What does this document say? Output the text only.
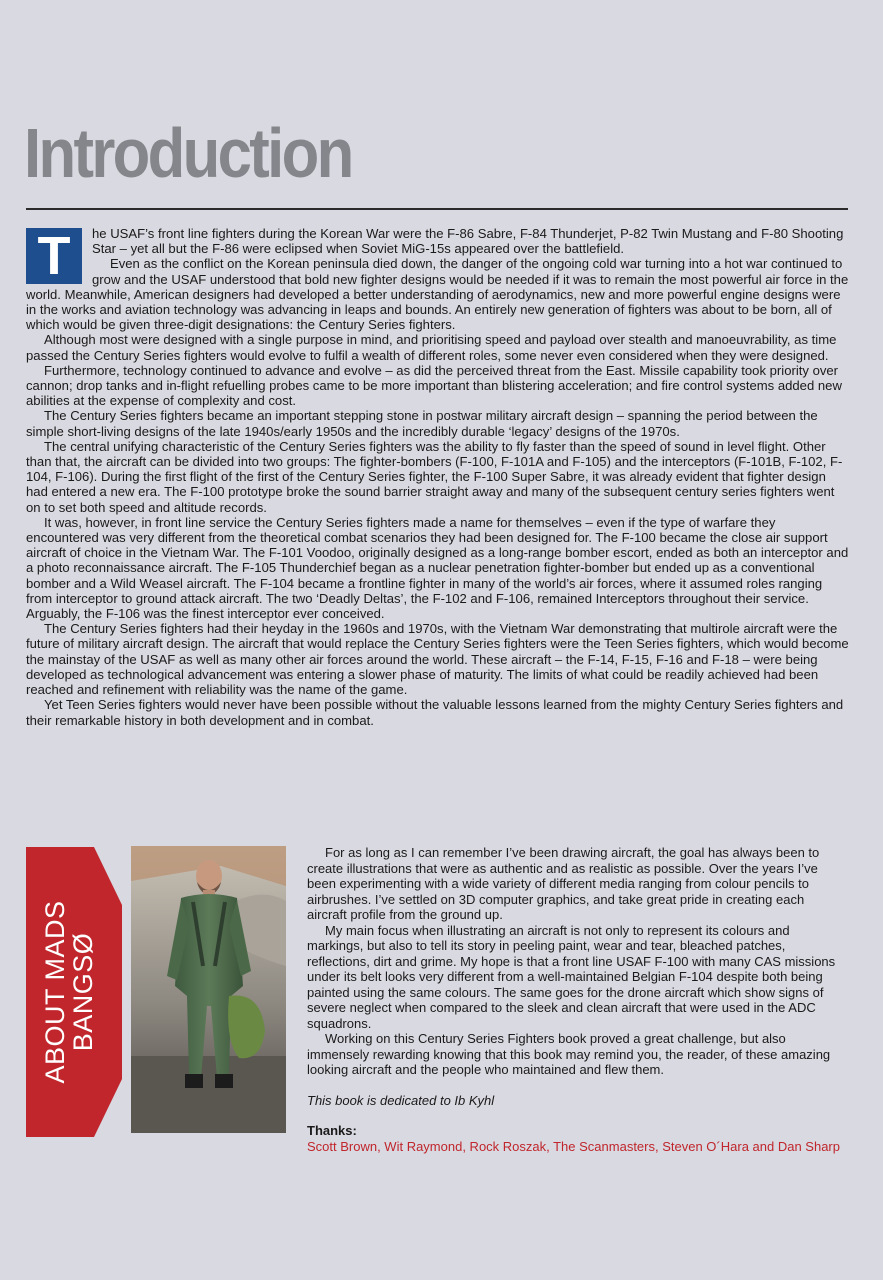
Introduction

T	he USAF’s front line fighters during the Korean War were the F-86 Sabre, F-84 Thunderjet, P-82 Twin Mustang and F-80 Shooting Star – yet all but the F-86 were eclipsed when Soviet MiG-15s appeared over the battlefield.

Even as the conflict on the Korean peninsula died down, the danger of the ongoing cold war turning into a hot war continued to grow and the USAF understood that bold new fighter designs would be needed if it was to remain the most powerful air force in the world. Meanwhile, American designers had developed a better understanding of aerodynamics, new and more powerful engine designs were in the works and aviation technology was advancing in leaps and bounds. An entirely new generation of fighters was about to be born, all of which would be given three-digit designations: the Century Series fighters.

Although most were designed with a single purpose in mind, and prioritising speed and payload over stealth and manoeuvrability, as time passed the Century Series fighters would evolve to fulfil a wealth of different roles, some never even considered when they were designed.

Furthermore, technology continued to advance and evolve – as did the perceived threat from the East. Missile capability took priority over cannon; drop tanks and in-flight refuelling probes came to be more important than blistering acceleration; and fire control systems added new abilities at the expense of complexity and cost.

The Century Series fighters became an important stepping stone in postwar military aircraft design – spanning the period between the simple short-living designs of the late 1940s/early 1950s and the incredibly durable ‘legacy’ designs of the 1970s.

The central unifying characteristic of the Century Series fighters was the ability to fly faster than the speed of sound in level flight. Other than that, the aircraft can be divided into two groups: The fighter-bombers (F-100, F-101A and F-105) and the interceptors (F-101B, F-102, F-104, F-106). During the first flight of the first of the Century Series fighter, the F-100 Super Sabre, it was already evident that fighter design had entered a new era. The F-100 prototype broke the sound barrier straight away and many of the subsequent century series fighters went on to set both speed and altitude records.

It was, however, in front line service the Century Series fighters made a name for themselves – even if the type of warfare they encountered was very different from the theoretical combat scenarios they had been designed for. The F-100 became the close air support aircraft of choice in the Vietnam War. The F-101 Voodoo, originally designed as a long-range bomber escort, ended as both an interceptor and a photo reconnaissance aircraft. The F-105 Thunderchief began as a nuclear penetration fighter-bomber but ended up as a conventional bomber and a Wild Weasel aircraft. The F-104 became a frontline fighter in many of the world’s air forces, where it assumed roles ranging from interceptor to ground attack aircraft. The two ‘Deadly Deltas’, the F-102 and F-106, remained Interceptors throughout their service. Arguably, the F-106 was the finest interceptor ever conceived.

The Century Series fighters had their heyday in the 1960s and 1970s, with the Vietnam War demonstrating that multirole aircraft were the future of military aircraft design. The aircraft that would replace the Century Series fighters were the Teen Series fighters, which would become the mainstay of the USAF as well as many other air forces around the world. These aircraft – the F-14, F-15, F-16 and F-18 – were being developed as technological advancement was entering a slower phase of maturity. The limits of what could be readily achieved had been reached and refinement with reliability was the name of the game.

Yet Teen Series fighters would never have been possible without the valuable lessons learned from the mighty Century Series fighters and their remarkable history in both development and in combat.

ABOUT MADS
BANGSØ

For as long as I can remember I’ve been drawing aircraft, the goal has always been to create illustrations that were as authentic and as realistic as possible. Over the years I’ve been experimenting with a wide variety of different media ranging from colour pencils to airbrushes. I’ve settled on 3D computer graphics, and take great pride in creating each aircraft profile from the ground up.

My main focus when illustrating an aircraft is not only to represent its colours and markings, but also to tell its story in peeling paint, wear and tear, bleached patches, reflections, dirt and grime. My hope is that a front line USAF F-100 with many CAS missions under its belt looks very different from a well-maintained Belgian F-104 despite both being painted using the same colours. The same goes for the drone aircraft which show signs of severe neglect when compared to the sleek and clean aircraft that were used in the ADC squadrons.

Working on this Century Series Fighters book proved a great challenge, but also immensely rewarding knowing that this book may remind you, the reader, of these amazing looking aircraft and the people who maintained and flew them.

This book is dedicated to Ib Kyhl

Thanks:

Scott Brown, Wit Raymond, Rock Roszak, The Scanmasters, Steven O´Hara and Dan Sharp
